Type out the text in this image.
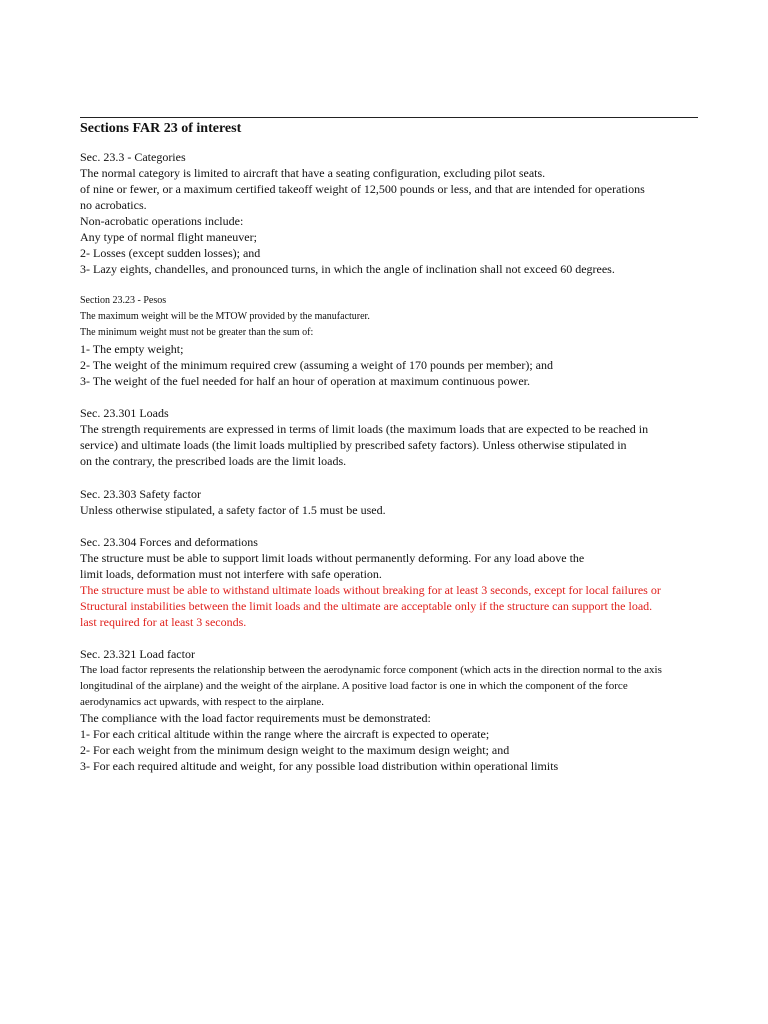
Sections FAR 23 of interest
Sec. 23.3 - Categories
The normal category is limited to aircraft that have a seating configuration, excluding pilot seats.
of nine or fewer, or a maximum certified takeoff weight of 12,500 pounds or less, and that are intended for operations
no acrobatics.
Non-acrobatic operations include:
Any type of normal flight maneuver;
2- Losses (except sudden losses); and
3- Lazy eights, chandelles, and pronounced turns, in which the angle of inclination shall not exceed 60 degrees.
Section 23.23 - Pesos
The maximum weight will be the MTOW provided by the manufacturer.
The minimum weight must not be greater than the sum of:
1- The empty weight;
2- The weight of the minimum required crew (assuming a weight of 170 pounds per member); and
3- The weight of the fuel needed for half an hour of operation at maximum continuous power.
Sec. 23.301 Loads
The strength requirements are expressed in terms of limit loads (the maximum loads that are expected to be reached in
service) and ultimate loads (the limit loads multiplied by prescribed safety factors). Unless otherwise stipulated in
on the contrary, the prescribed loads are the limit loads.
Sec. 23.303 Safety factor
Unless otherwise stipulated, a safety factor of 1.5 must be used.
Sec. 23.304 Forces and deformations
The structure must be able to support limit loads without permanently deforming. For any load above the
limit loads, deformation must not interfere with safe operation.
The structure must be able to withstand ultimate loads without breaking for at least 3 seconds, except for local failures or
Structural instabilities between the limit loads and the ultimate are acceptable only if the structure can support the load.
last required for at least 3 seconds.
Sec. 23.321 Load factor
The load factor represents the relationship between the aerodynamic force component (which acts in the direction normal to the axis
longitudinal of the airplane) and the weight of the airplane. A positive load factor is one in which the component of the force
aerodynamics act upwards, with respect to the airplane.
The compliance with the load factor requirements must be demonstrated:
1- For each critical altitude within the range where the aircraft is expected to operate;
2- For each weight from the minimum design weight to the maximum design weight; and
3- For each required altitude and weight, for any possible load distribution within operational limits
